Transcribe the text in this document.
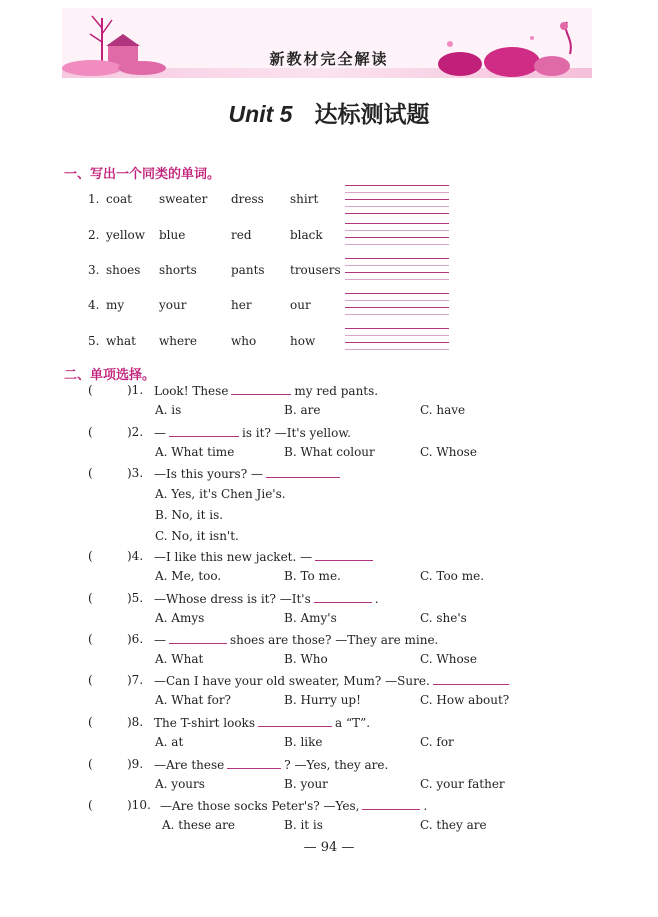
新教材完全解读
Unit 5 达标测试题
一、写出一个同类的单词。
1. coat sweater dress shirt
2. yellow blue	red	black
3. shoes shorts	pants trousers
4. my	your	her	our
5. what where	who	how
二、单项选择。
(	)1. Look! These	my red pants.
A. is	B. are	C. have
(	)2. —	is it? —It's yellow.
A. What time	B. What colour	C. Whose
(	)3. —Is this yours? —
A. Yes, it's Chen Jie's.
B. No, it is.
C. No, it isn't.
(	)4. —I like this new jacket. —
A. Me, too.	B. To me.	C. Too me.
(	)5. —Whose dress is it? —It's	.
A. Amys	B. Amy's	C. she's
(	)6. —	shoes are those? —They are mine.
A. What	B. Who	C. Whose
(	)7. —Can I have your old sweater, Mum? —Sure.
A. What for?	B. Hurry up!	C. How about?
(	)8. The T-shirt looks	a “T”.
A. at	B. like	C. for
(	)9. —Are these	? —Yes, they are.
A. yours	B. your	C. your father
(	)10. —Are those socks Peter's? —Yes,	.
A. these are	B. it is	C. they are
— 94 —
